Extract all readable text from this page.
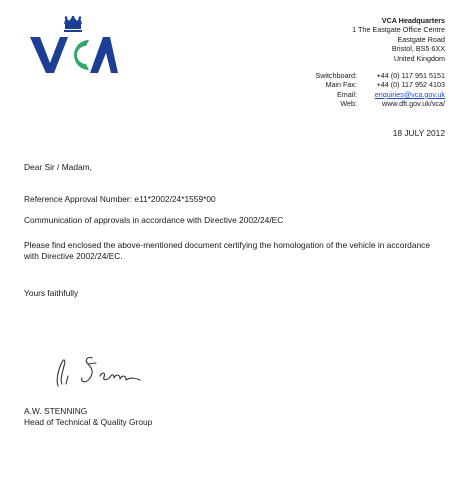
VCA Headquarters
1 The Eastgate Office Centre
Eastgate Road
Bristol, BS5 6XX
United Kingdom
Switchboard:	+44 (0) 117 951 5151
Main Fax:	+44 (0) 117 952 4103
Email:	enquiries@vca.gov.uk
Web:	www.dft.gov.uk/vca/
18 JULY 2012
Dear Sir / Madam,
Reference Approval Number: e11*2002/24*1559*00
Communication of approvals in accordance with Directive 2002/24/EC
Please find enclosed the above-mentioned document certifying the homologation of the vehicle in accordance with Directive 2002/24/EC.
Yours faithfully
A.W. STENNING
Head of Technical & Quality Group
